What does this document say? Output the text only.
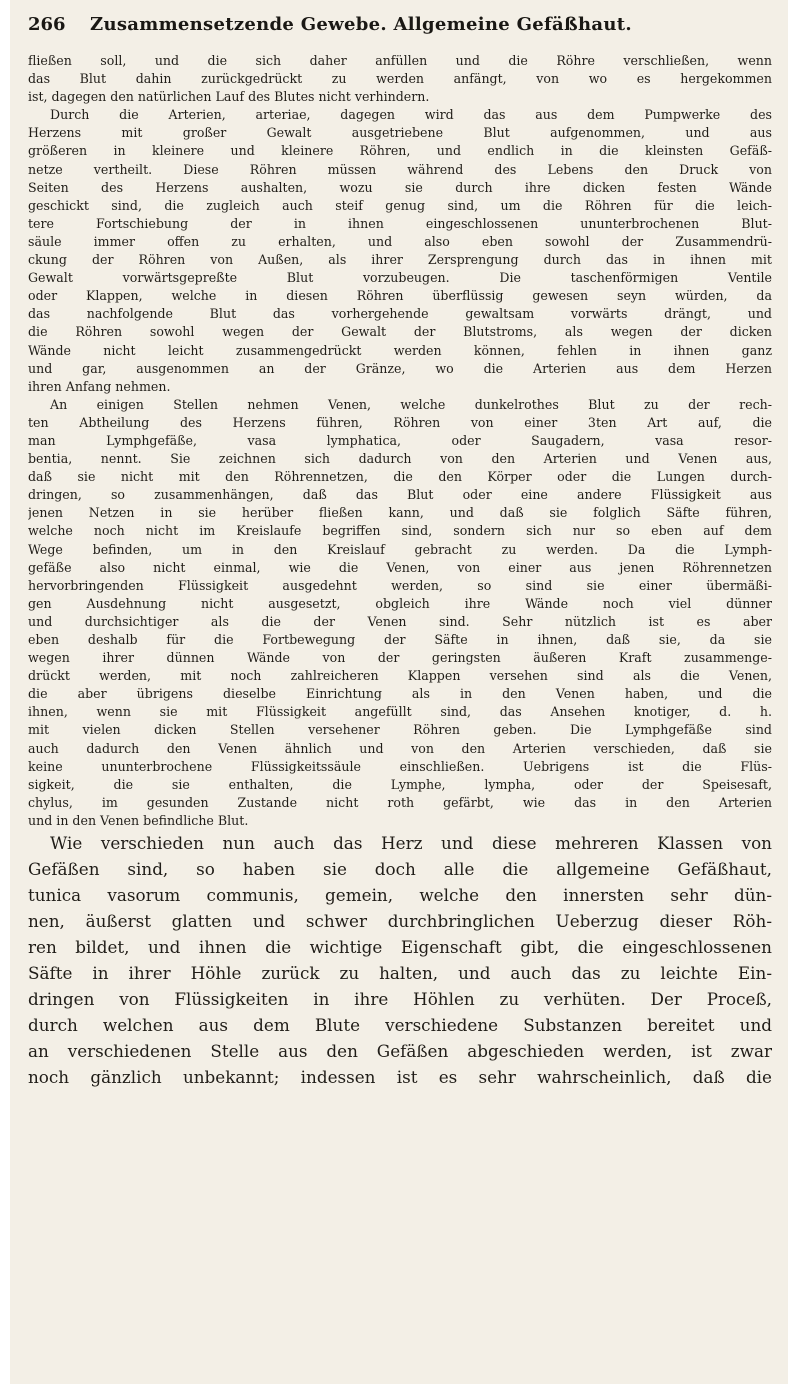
266 Zusammensetzende Gewebe. Allgemeine Gefäßhaut.
fließen soll, und die sich daher anfüllen und die Röhre verschließen, wenn
das Blut dahin zurückgedrückt zu werden anfängt, von wo es hergekommen
ist, dagegen den natürlichen Lauf des Blutes nicht verhindern.
Durch die Arterien, arteriae, dagegen wird das aus dem Pumpwerke des
Herzens mit großer Gewalt ausgetriebene Blut aufgenommen, und aus
größeren in kleinere und kleinere Röhren, und endlich in die kleinsten Gefäß-
netze vertheilt. Diese Röhren müssen während des Lebens den Druck von
Seiten des Herzens aushalten, wozu sie durch ihre dicken festen Wände
geschickt sind, die zugleich auch steif genug sind, um die Röhren für die leich-
tere Fortschiebung der in ihnen eingeschlossenen ununterbrochenen Blut-
säule immer offen zu erhalten, und also eben sowohl der Zusammendrü-
ckung der Röhren von Außen, als ihrer Zersprengung durch das in ihnen mit
Gewalt vorwärtsgepreßte Blut vorzubeugen. Die taschenförmigen Ventile
oder Klappen, welche in diesen Röhren überflüssig gewesen seyn würden, da
das nachfolgende Blut das vorhergehende gewaltsam vorwärts drängt, und
die Röhren sowohl wegen der Gewalt der Blutstroms, als wegen der dicken
Wände nicht leicht zusammengedrückt werden können, fehlen in ihnen ganz
und gar, ausgenommen an der Gränze, wo die Arterien aus dem Herzen
ihren Anfang nehmen.
An einigen Stellen nehmen Venen, welche dunkelrothes Blut zu der rech-
ten Abtheilung des Herzens führen, Röhren von einer 3ten Art auf, die
man Lymphgefäße, vasa lymphatica, oder Saugadern, vasa resor-
bentia, nennt. Sie zeichnen sich dadurch von den Arterien und Venen aus,
daß sie nicht mit den Röhrennetzen, die den Körper oder die Lungen durch-
dringen, so zusammenhängen, daß das Blut oder eine andere Flüssigkeit aus
jenen Netzen in sie herüber fließen kann, und daß sie folglich Säfte führen,
welche noch nicht im Kreislaufe begriffen sind, sondern sich nur so eben auf dem
Wege befinden, um in den Kreislauf gebracht zu werden. Da die Lymph-
gefäße also nicht einmal, wie die Venen, von einer aus jenen Röhrennetzen
hervorbringenden Flüssigkeit ausgedehnt werden, so sind sie einer übermäßi-
gen Ausdehnung nicht ausgesetzt, obgleich ihre Wände noch viel dünner
und durchsichtiger als die der Venen sind. Sehr nützlich ist es aber
eben deshalb für die Fortbewegung der Säfte in ihnen, daß sie, da sie
wegen ihrer dünnen Wände von der geringsten äußeren Kraft zusammenge-
drückt werden, mit noch zahlreicheren Klappen versehen sind als die Venen,
die aber übrigens dieselbe Einrichtung als in den Venen haben, und die
ihnen, wenn sie mit Flüssigkeit angefüllt sind, das Ansehen knotiger, d. h.
mit vielen dicken Stellen versehener Röhren geben. Die Lymphgefäße sind
auch dadurch den Venen ähnlich und von den Arterien verschieden, daß sie
keine ununterbrochene Flüssigkeitssäule einschließen. Uebrigens ist die Flüs-
sigkeit, die sie enthalten, die Lymphe, lympha, oder der Speisesaft,
chylus, im gesunden Zustande nicht roth gefärbt, wie das in den Arterien
und in den Venen befindliche Blut.
Wie verschieden nun auch das Herz und diese mehreren Klassen von
Gefäßen sind, so haben sie doch alle die allgemeine Gefäßhaut,
tunica vasorum communis, gemein, welche den innersten sehr dün-
nen, äußerst glatten und schwer durchbringlichen Ueberzug dieser Röh-
ren bildet, und ihnen die wichtige Eigenschaft gibt, die eingeschlossenen
Säfte in ihrer Höhle zurück zu halten, und auch das zu leichte Ein-
dringen von Flüssigkeiten in ihre Höhlen zu verhüten. Der Proceß,
durch welchen aus dem Blute verschiedene Substanzen bereitet und
an verschiedenen Stelle aus den Gefäßen abgeschieden werden, ist zwar
noch gänzlich unbekannt; indessen ist es sehr wahrscheinlich, daß die
